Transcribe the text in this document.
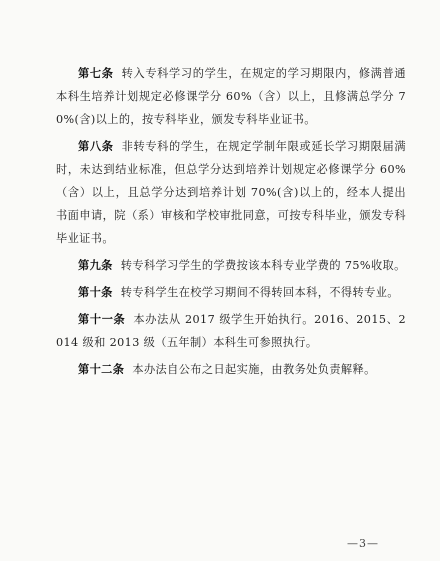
第七条 转入专科学习的学生，在规定的学习期限内，修满普通本科生培养计划规定必修课学分 60%（含）以上，且修满总学分 70%(含)以上的，按专科毕业，颁发专科毕业证书。

第八条 非转专科的学生，在规定学制年限或延长学习期限届满时，未达到结业标准，但总学分达到培养计划规定必修课学分 60%（含）以上，且总学分达到培养计划 70%(含)以上的，经本人提出书面申请，院（系）审核和学校审批同意，可按专科毕业，颁发专科毕业证书。

第九条 转专科学习学生的学费按该本科专业学费的 75%收取。

第十条 转专科学生在校学习期间不得转回本科，不得转专业。

第十一条 本办法从 2017 级学生开始执行。2016、2015、2014 级和 2013 级（五年制）本科生可参照执行。

第十二条 本办法自公布之日起实施，由教务处负责解释。

—3—
